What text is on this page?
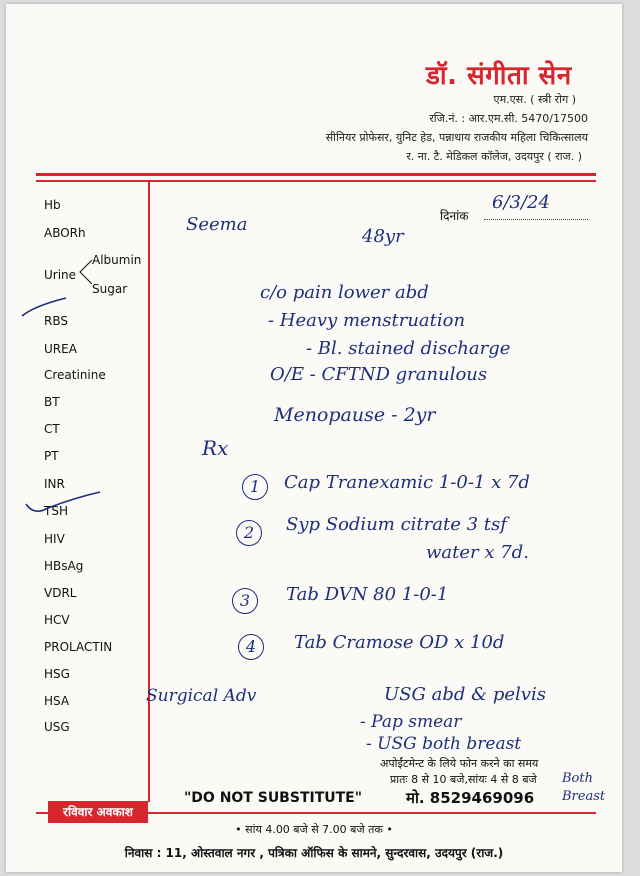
डॉ. संगीता सेन
एम.एस. ( स्त्री रोग )
रजि.नं. : आर.एम.सी. 5470/17500
सीनियर प्रोफेसर, युनिट हेड, पन्नाधाय राजकीय महिला चिकित्सालय
र. ना. टै. मेडिकल कॉलेज, उदयपुर ( राज. )
Hb
ABORh
Urine
Albumin
Sugar
RBS
UREA
Creatinine
BT
CT
PT
INR
TSH
HIV
HBsAg
VDRL
HCV
PROLACTIN
HSG
HSA
USG
दिनांक
6/3/24
Seema
48yr
c/o pain lower abd
- Heavy menstruation
- Bl. stained discharge
O/E - CFTND granulous
Menopause - 2yr
Rx
1	Cap Tranexamic 1-0-1 x 7d
2	Syp Sodium citrate 3 tsf
water x 7d.
3	Tab DVN 80 1-0-1
4	Tab Cramose OD x 10d
Surgical Adv	USG abd & pelvis
- Pap smear
- USG both breast
Both Breast
अपोईंटमेन्ट के लिये फोन करने का समय
प्रातः 8 से 10 बजे,सांयः 4 से 8 बजे
"DO NOT SUBSTITUTE"	मो. 8529469096
रविवार अवकाश
• सांय 4.00 बजे से 7.00 बजे तक •
निवास : 11, ओस्तवाल नगर , पत्रिका ऑफिस के सामने, सुन्दरवास, उदयपुर (राज.)
